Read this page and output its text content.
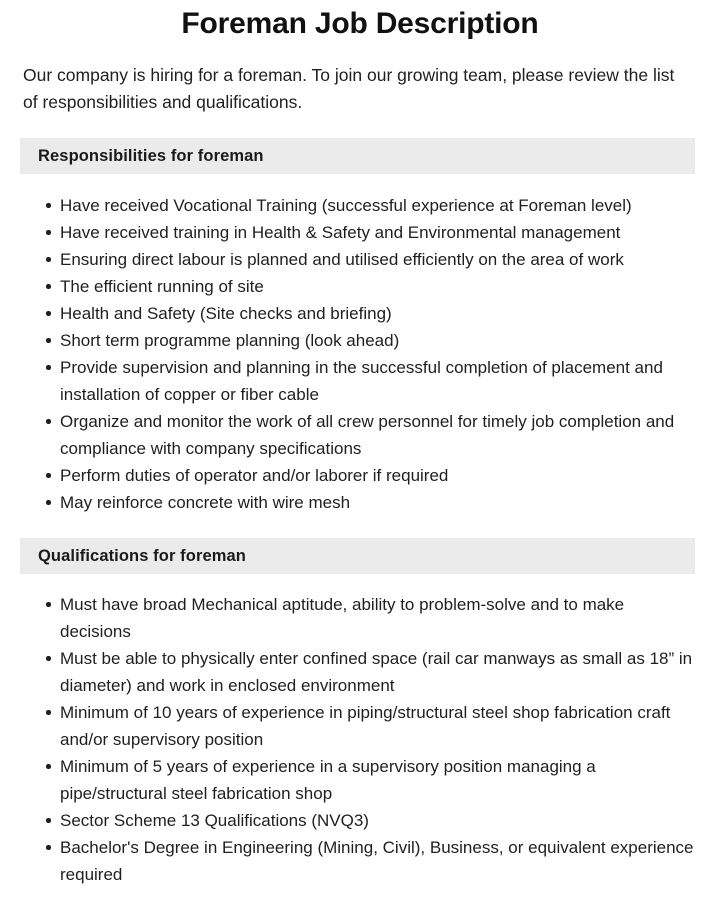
Foreman Job Description

Our company is hiring for a foreman. To join our growing team, please review the list of responsibilities and qualifications.

Responsibilities for foreman
Have received Vocational Training (successful experience at Foreman level)
Have received training in Health & Safety and Environmental management
Ensuring direct labour is planned and utilised efficiently on the area of work
The efficient running of site
Health and Safety (Site checks and briefing)
Short term programme planning (look ahead)
Provide supervision and planning in the successful completion of placement and installation of copper or fiber cable
Organize and monitor the work of all crew personnel for timely job completion and compliance with company specifications
Perform duties of operator and/or laborer if required
May reinforce concrete with wire mesh
Qualifications for foreman
Must have broad Mechanical aptitude, ability to problem-solve and to make decisions
Must be able to physically enter confined space (rail car manways as small as 18” in diameter) and work in enclosed environment
Minimum of 10 years of experience in piping/structural steel shop fabrication craft and/or supervisory position
Minimum of 5 years of experience in a supervisory position managing a pipe/structural steel fabrication shop
Sector Scheme 13 Qualifications (NVQ3)
Bachelor's Degree in Engineering (Mining, Civil), Business, or equivalent experience required
